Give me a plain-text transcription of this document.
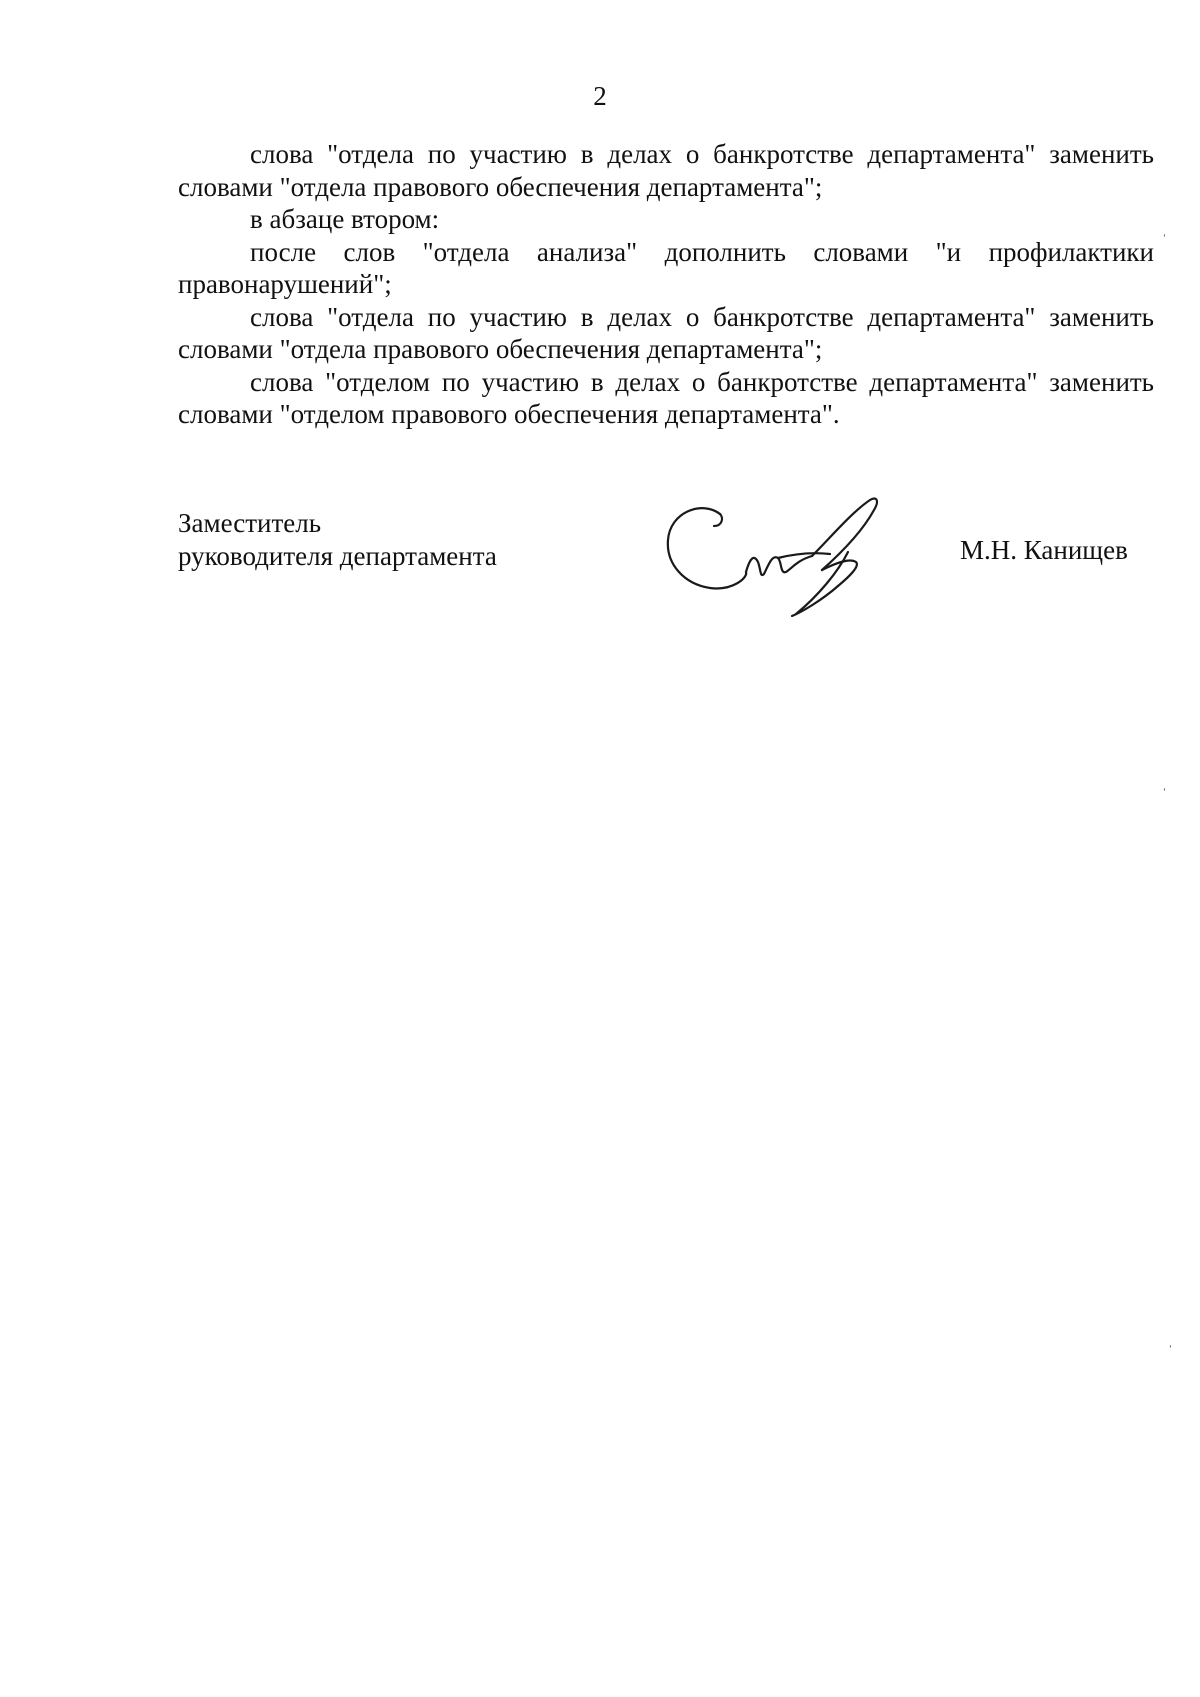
2

слова "отдела по участию в делах о банкротстве департамента" заменить словами "отдела правового обеспечения департамента";

в абзаце втором:

после слов "отдела анализа" дополнить словами "и профилактики правонарушений";

слова "отдела по участию в делах о банкротстве департамента" заменить словами "отдела правового обеспечения департамента";

слова "отделом по участию в делах о банкротстве департамента" заменить словами "отделом правового обеспечения департамента".

Заместитель
руководителя департамента	М.Н. Канищев
ˈ
ˈ
ˈ
